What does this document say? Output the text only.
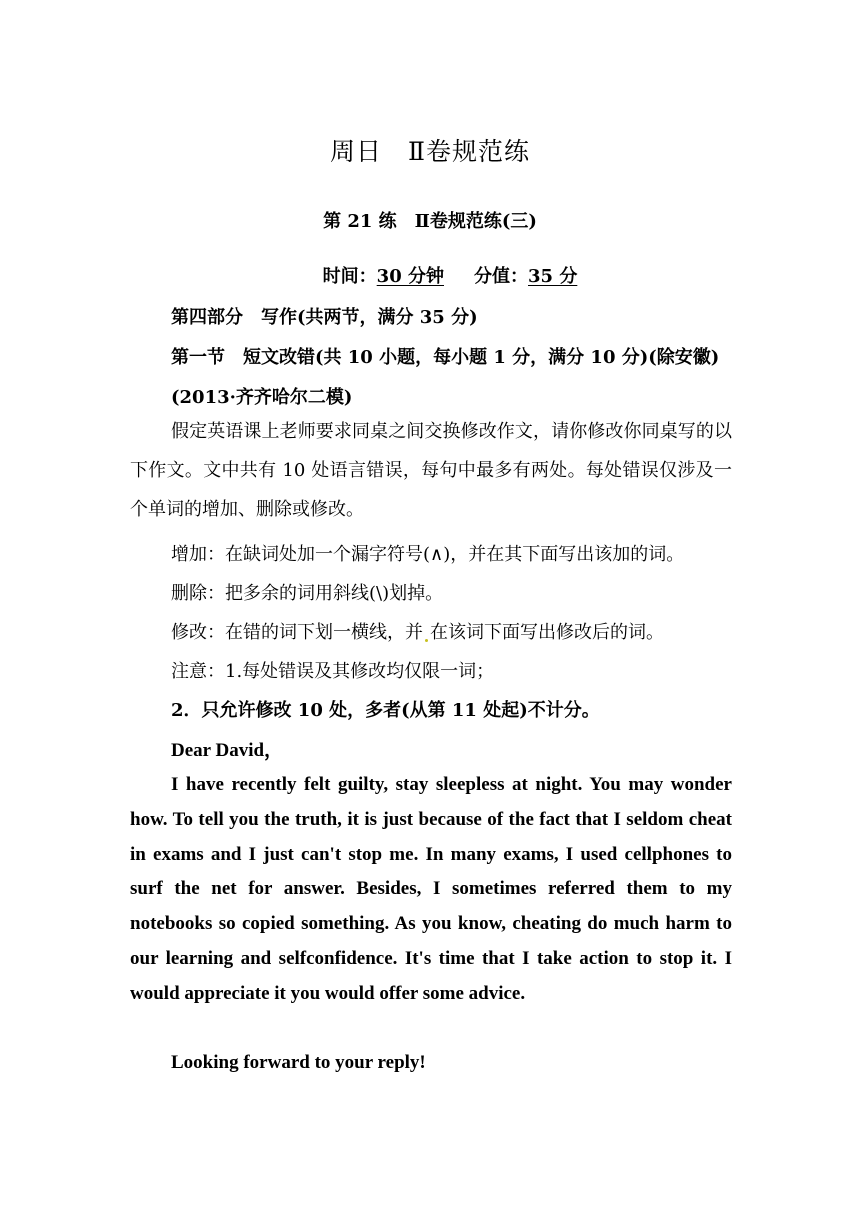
周日　Ⅱ卷规范练
第 21 练　Ⅱ卷规范练(三)
时间：30 分钟 分值：35 分
第四部分　写作(共两节，满分 35 分)
第一节　短文改错(共 10 小题，每小题 1 分，满分 10 分)(除安徽)
(2013·齐齐哈尔二模)
假定英语课上老师要求同桌之间交换修改作文，请你修改你同桌写的以下作文。文中共有 10 处语言错误，每句中最多有两处。每处错误仅涉及一个单词的增加、删除或修改。
增加：在缺词处加一个漏字符号(∧)，并在其下面写出该加的词。
删除：把多余的词用斜线(\)划掉。
修改：在错的词下划一横线，并 在该词下面写出修改后的词。
注意：1.每处错误及其修改均仅限一词；
2．只允许修改 10 处，多者(从第 11 处起)不计分。
Dear David，
I have recently felt guilty, stay sleepless at night. You may wonder how. To tell you the truth, it is just because of the fact that I seldom cheat in exams and I just can't stop me. In many exams, I used cellphones to surf the net for answer. Besides, I sometimes referred them to my notebooks so copied something. As you know, cheating do much harm to our learning and selfconfidence. It's time that I take action to stop it. I would appreciate it you would offer some advice.
Looking forward to your reply!
